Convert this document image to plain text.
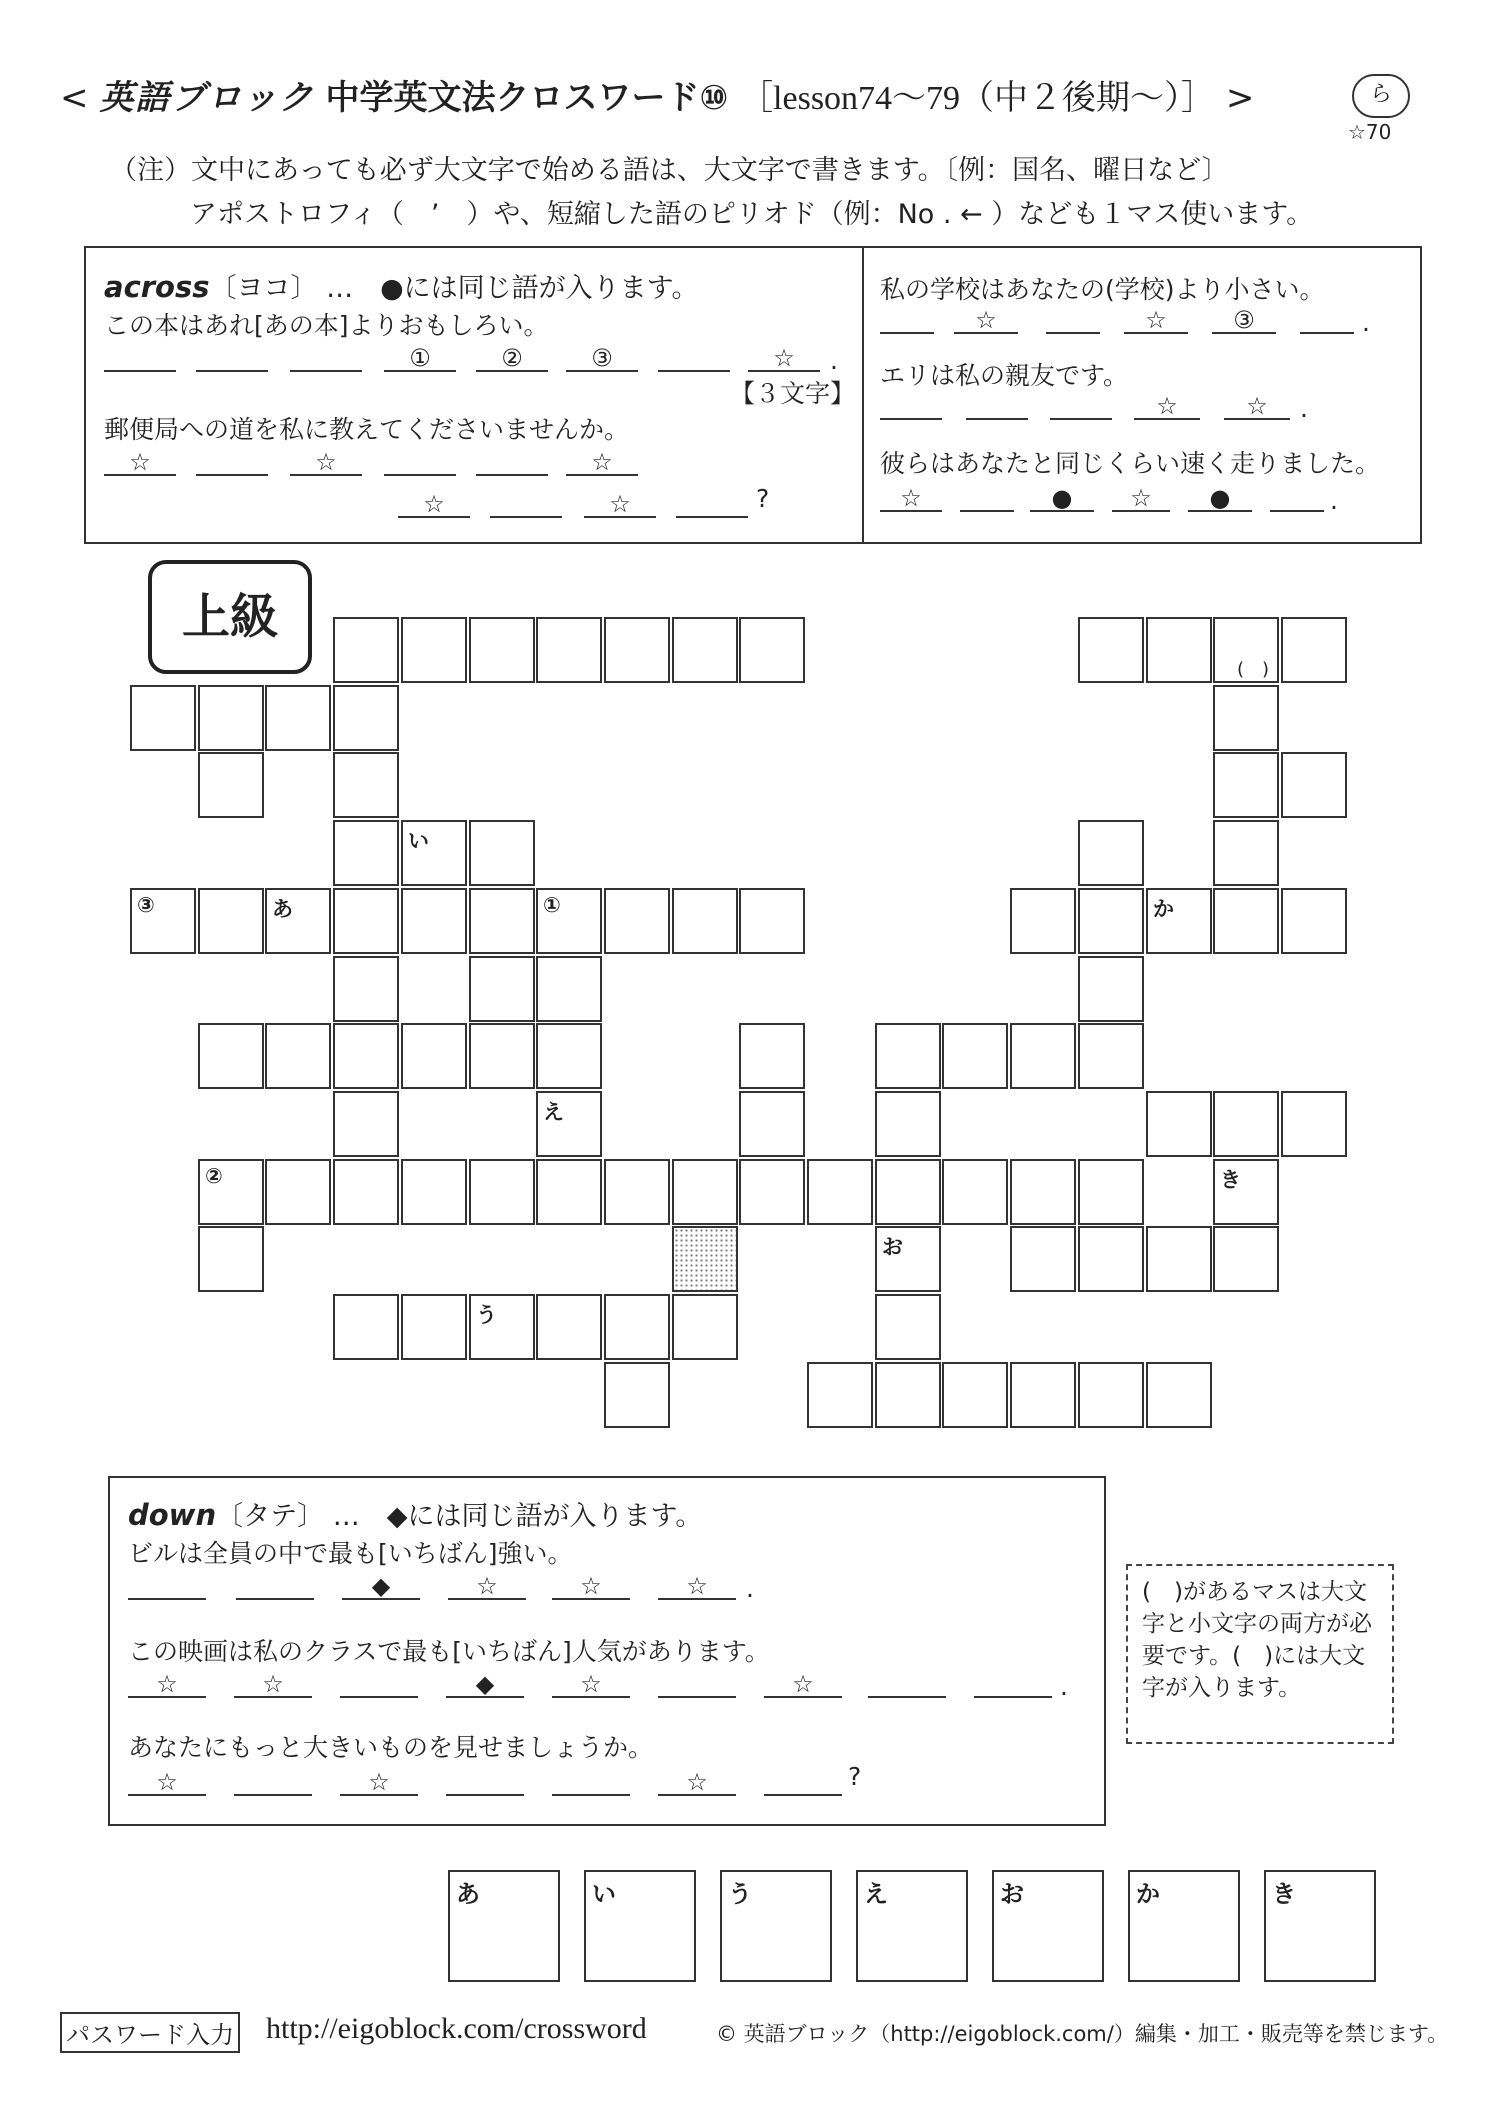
< 英語ブロック 中学英文法クロスワード⑩ ［lesson74〜79（中２後期〜）］ >	ら
☆70
（注）文中にあっても必ず大文字で始める語は、大文字で書きます。〔例：国名、曜日など〕
アポストロフィ（　’　）や、短縮した語のピリオド（例：No . ← ）なども１マス使います。
across〔ヨコ〕 …　●には同じ語が入ります。
この本はあれ[あの本]よりおもしろい。
①	②	③	☆	.
【３文字】
郵便局への道を私に教えてくださいませんか。
☆	☆	☆
☆	☆	?
私の学校はあなたの(学校)より小さい。
☆	☆	③	.
エリは私の親友です。
☆	☆	.
彼らはあなたと同じくらい速く走りました。
☆	●	☆	●	.
上級
(　)
い
③	あ	①	か
え
②	き
お
う
down〔タテ〕 …　◆には同じ語が入ります。
ビルは全員の中で最も[いちばん]強い。
◆	☆	☆	☆	.
この映画は私のクラスで最も[いちばん]人気があります。
☆	☆	◆	☆	☆	.
あなたにもっと大きいものを見せましょうか。
☆	☆	☆	?
(　)があるマスは大文字と小文字の両方が必要です。(　)には大文字が入ります。
あ	い	う	え	お	か	き
パスワード入力 http://eigoblock.com/crossword	© 英語ブロック（http://eigoblock.com/）編集・加工・販売等を禁じます。
